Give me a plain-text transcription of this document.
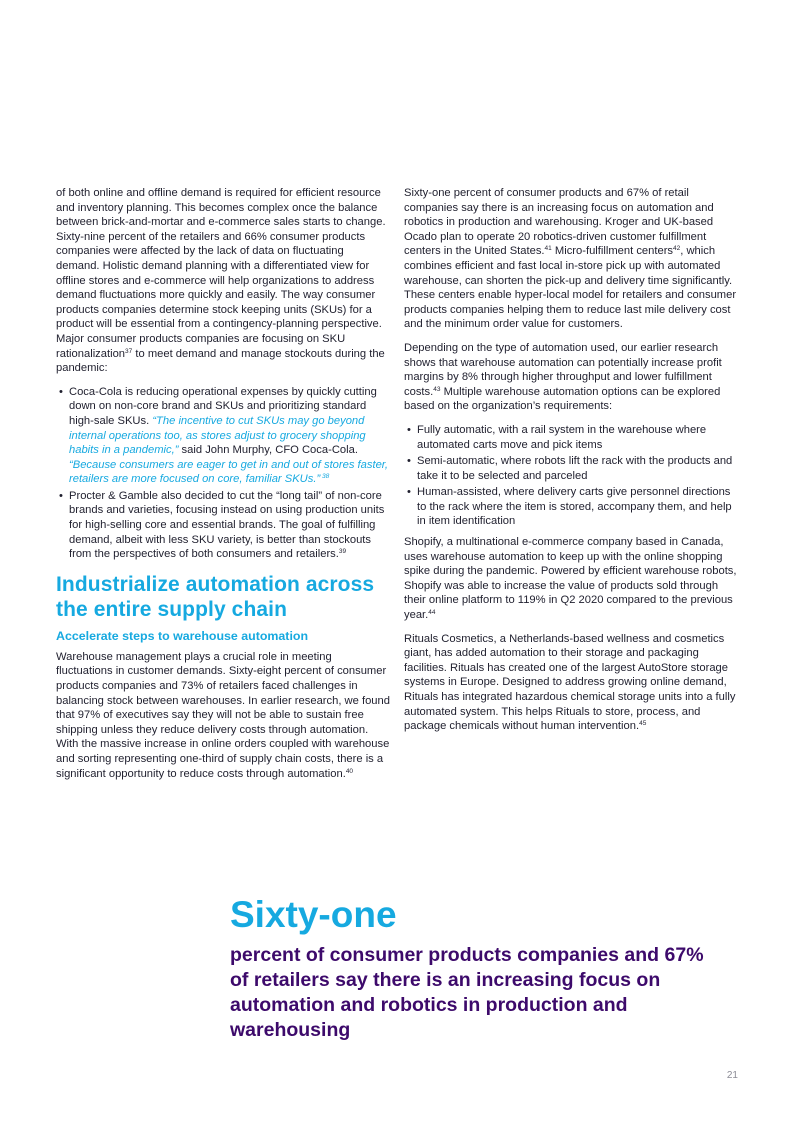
of both online and offline demand is required for efficient resource and inventory planning. This becomes complex once the balance between brick-and-mortar and e-commerce sales starts to change. Sixty-nine percent of the retailers and 66% consumer products companies were affected by the lack of data on fluctuating demand. Holistic demand planning with a differentiated view for offline stores and e-commerce will help organizations to address demand fluctuations more quickly and easily. The way consumer products companies determine stock keeping units (SKUs) for a product will be essential from a contingency-planning perspective. Major consumer products companies are focusing on SKU rationalization$^{37}$ to meet demand and manage stockouts during the pandemic:

• Coca-Cola is reducing operational expenses by quickly cutting down on non-core brand and SKUs and prioritizing standard high-sale SKUs. “The incentive to cut SKUs may go beyond internal operations too, as stores adjust to grocery shopping habits in a pandemic,” said John Murphy, CFO Coca-Cola. “Because consumers are eager to get in and out of stores faster, retailers are more focused on core, familiar SKUs.” $^{38}$
• Procter & Gamble also decided to cut the “long tail” of non-core brands and varieties, focusing instead on using production units for high-selling core and essential brands. The goal of fulfilling demand, albeit with less SKU variety, is better than stockouts from the perspectives of both consumers and retailers.$^{39}$
Industrialize automation across the entire supply chain
Accelerate steps to warehouse automation

Warehouse management plays a crucial role in meeting fluctuations in customer demands. Sixty-eight percent of consumer products companies and 73% of retailers faced challenges in balancing stock between warehouses. In earlier research, we found that 97% of executives say they will not be able to sustain free shipping unless they reduce delivery costs through automation. With the massive increase in online orders coupled with warehouse and sorting representing one-third of supply chain costs, there is a significant opportunity to reduce costs through automation.$^{40}$

Sixty-one percent of consumer products and 67% of retail companies say there is an increasing focus on automation and robotics in production and warehousing. Kroger and UK-based Ocado plan to operate 20 robotics-driven customer fulfillment centers in the United States.$^{41}$ Micro-fulfillment centers$^{42}$, which combines efficient and fast local in-store pick up with automated warehouse, can shorten the pick-up and delivery time significantly. These centers enable hyper-local model for retailers and consumer products companies helping them to reduce last mile delivery cost and the minimum order value for customers.

Depending on the type of automation used, our earlier research shows that warehouse automation can potentially increase profit margins by 8% through higher throughput and lower fulfillment costs.$^{43}$ Multiple warehouse automation options can be explored based on the organization’s requirements:

• Fully automatic, with a rail system in the warehouse where automated carts move and pick items
• Semi-automatic, where robots lift the rack with the products and take it to be selected and parceled
• Human-assisted, where delivery carts give personnel directions to the rack where the item is stored, accompany them, and help in item identification

Shopify, a multinational e-commerce company based in Canada, uses warehouse automation to keep up with the online shopping spike during the pandemic. Powered by efficient warehouse robots, Shopify was able to increase the value of products sold through their online platform to 119% in Q2 2020 compared to the previous year.$^{44}$

Rituals Cosmetics, a Netherlands-based wellness and cosmetics giant, has added automation to their storage and packaging facilities. Rituals has created one of the largest AutoStore storage systems in Europe. Designed to address growing online demand, Rituals has integrated hazardous chemical storage units into a fully automated system. This helps Rituals to store, process, and package chemicals without human intervention.$^{45}$

Sixty-one
percent of consumer products companies and 67% of retailers say there is an increasing focus on automation and robotics in production and warehousing
21
